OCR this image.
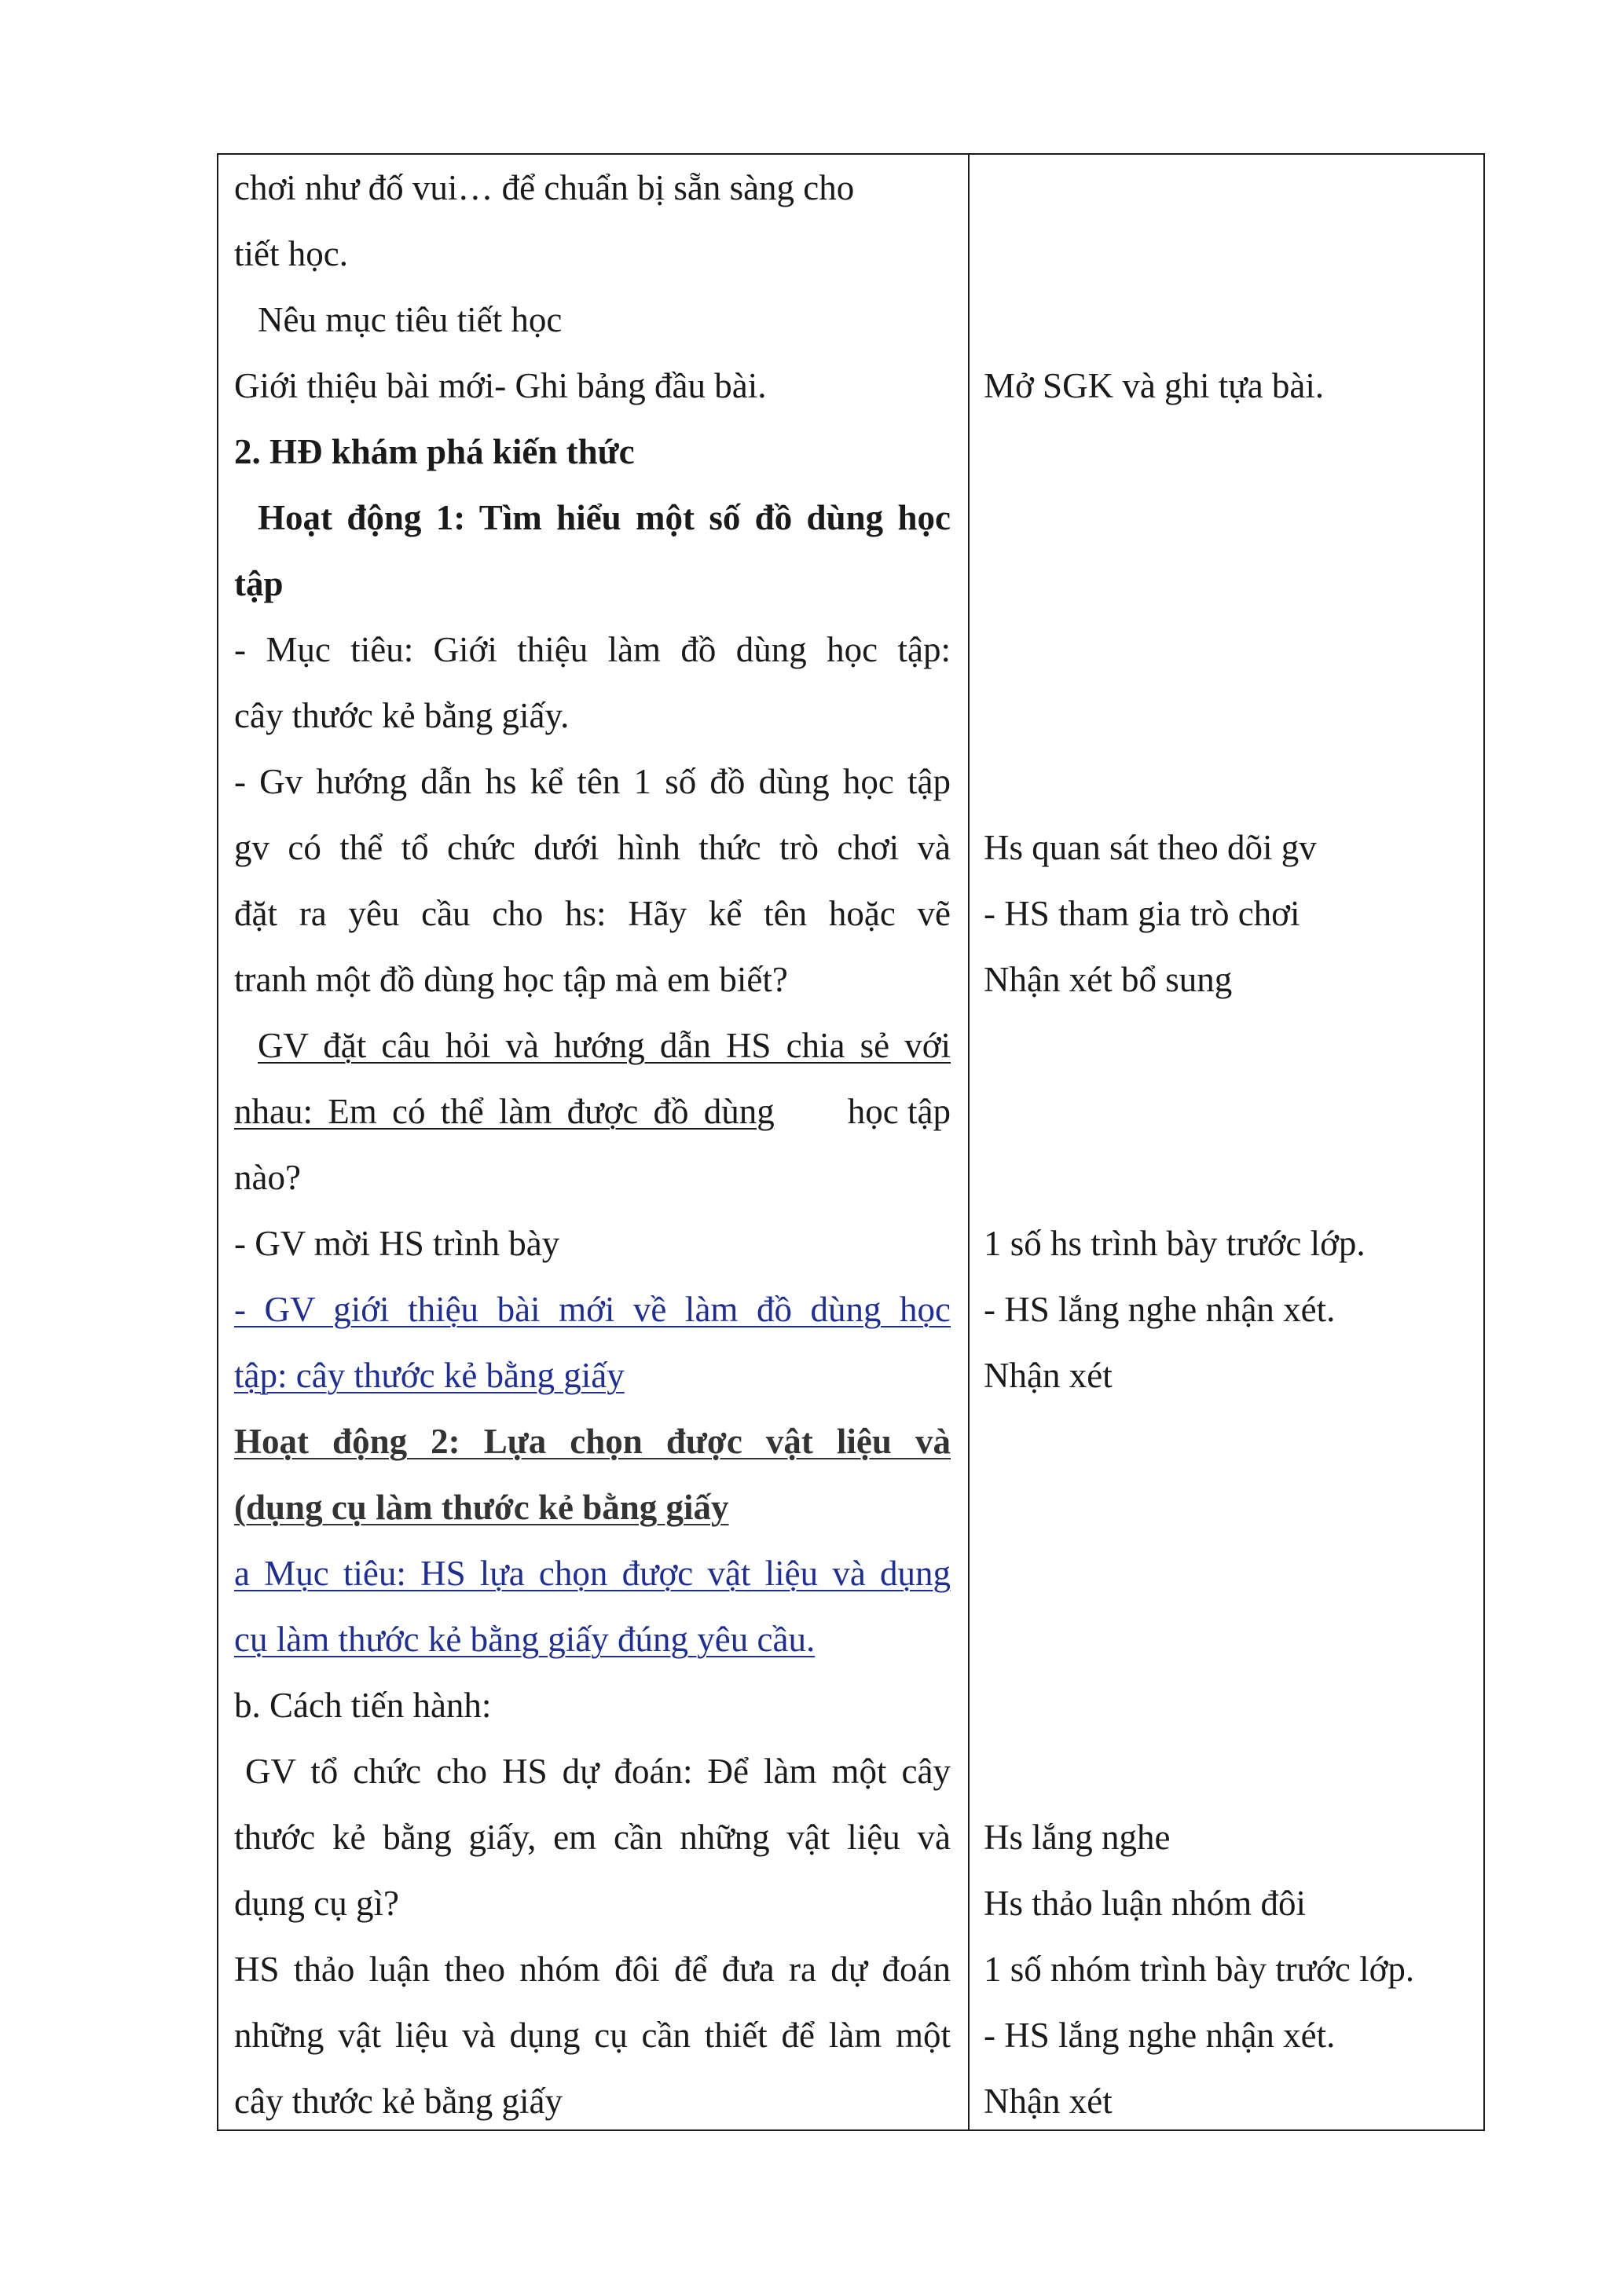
chơi như đố vui… để chuẩn bị sẵn sàng cho
tiết học.
Nêu mục tiêu tiết học
Giới thiệu bài mới- Ghi bảng đầu bài.
2. HĐ khám phá kiến thức
Hoạt động 1: Tìm hiểu một số đồ dùng học
tập
- Mục tiêu: Giới thiệu làm đồ dùng học tập:
cây thước kẻ bằng giấy.
- Gv hướng dẫn hs kể tên 1 số đồ dùng học tập
gv có thể tổ chức dưới hình thức trò chơi và
đặt ra yêu cầu cho hs: Hãy kể tên hoặc vẽ
tranh một đồ dùng học tập mà em biết?
GV đặt câu hỏi và hướng dẫn HS chia sẻ với
nhau: Em có thể làm được đồ dùng học tập
nào?
- GV mời HS trình bày
- GV giới thiệu bài mới về làm đồ dùng học
tập: cây thước kẻ bằng giấy
Hoạt động 2: Lựa chọn được vật liệu và
(dụng cụ làm thước kẻ bằng giấy
a Mục tiêu: HS lựa chọn được vật liệu và dụng
cụ làm thước kẻ bằng giấy đúng yêu cầu.
b. Cách tiến hành:
GV tổ chức cho HS dự đoán: Để làm một cây
thước kẻ bằng giấy, em cần những vật liệu và
dụng cụ gì?
HS thảo luận theo nhóm đôi để đưa ra dự đoán
những vật liệu và dụng cụ cần thiết để làm một
cây thước kẻ bằng giấy
Mở SGK và ghi tựa bài.
Hs quan sát theo dõi gv
- HS tham gia trò chơi
Nhận xét bổ sung
1 số hs trình bày trước lớp.
- HS lắng nghe nhận xét.
Nhận xét
Hs lắng nghe
Hs thảo luận nhóm đôi
1 số nhóm trình bày trước lớp.
- HS lắng nghe nhận xét.
Nhận xét
